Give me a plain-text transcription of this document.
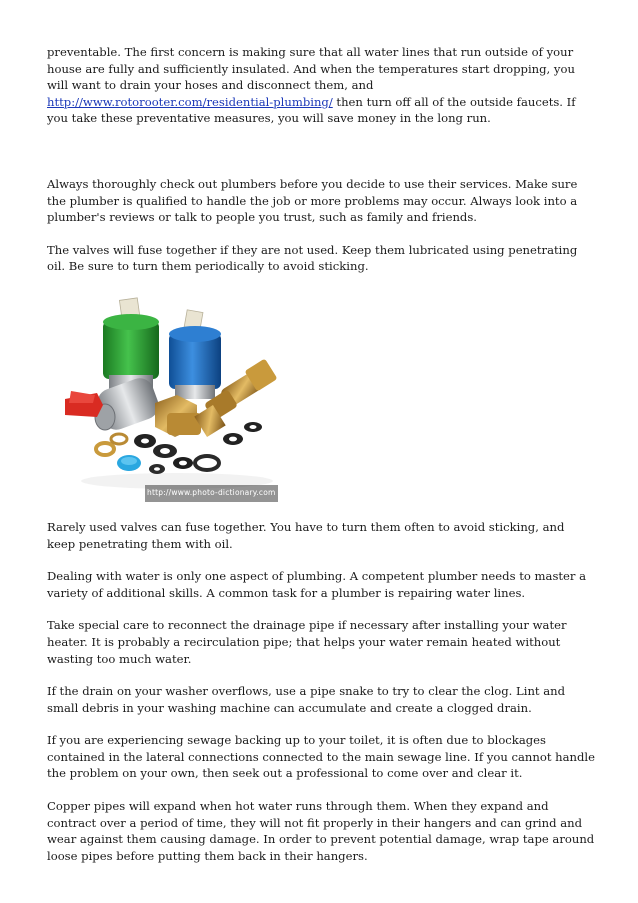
preventable. The first concern is making sure that all water lines that run outside of your house are fully and sufficiently insulated. And when the temperatures start dropping, you will want to drain your hoses and disconnect them, and http://www.rotorooter.com/residential-plumbing/ then turn off all of the outside faucets. If you take these preventative measures, you will save money in the long run.

Always thoroughly check out plumbers before you decide to use their services. Make sure the plumber is qualified to handle the job or more problems may occur. Always look into a plumber's reviews or talk to people you trust, such as family and friends.

The valves will fuse together if they are not used. Keep them lubricated using penetrating oil. Be sure to turn them periodically to avoid sticking.

http://www.photo-dictionary.com

Rarely used valves can fuse together. You have to turn them often to avoid sticking, and keep penetrating them with oil.

Dealing with water is only one aspect of plumbing. A competent plumber needs to master a variety of additional skills. A common task for a plumber is repairing water lines.

Take special care to reconnect the drainage pipe if necessary after installing your water heater. It is probably a recirculation pipe; that helps your water remain heated without wasting too much water.

If the drain on your washer overflows, use a pipe snake to try to clear the clog. Lint and small debris in your washing machine can accumulate and create a clogged drain.

If you are experiencing sewage backing up to your toilet, it is often due to blockages contained in the lateral connections connected to the main sewage line. If you cannot handle the problem on your own, then seek out a professional to come over and clear it.

Copper pipes will expand when hot water runs through them. When they expand and contract over a period of time, they will not fit properly in their hangers and can grind and wear against them causing damage. In order to prevent potential damage, wrap tape around loose pipes before putting them back in their hangers.
